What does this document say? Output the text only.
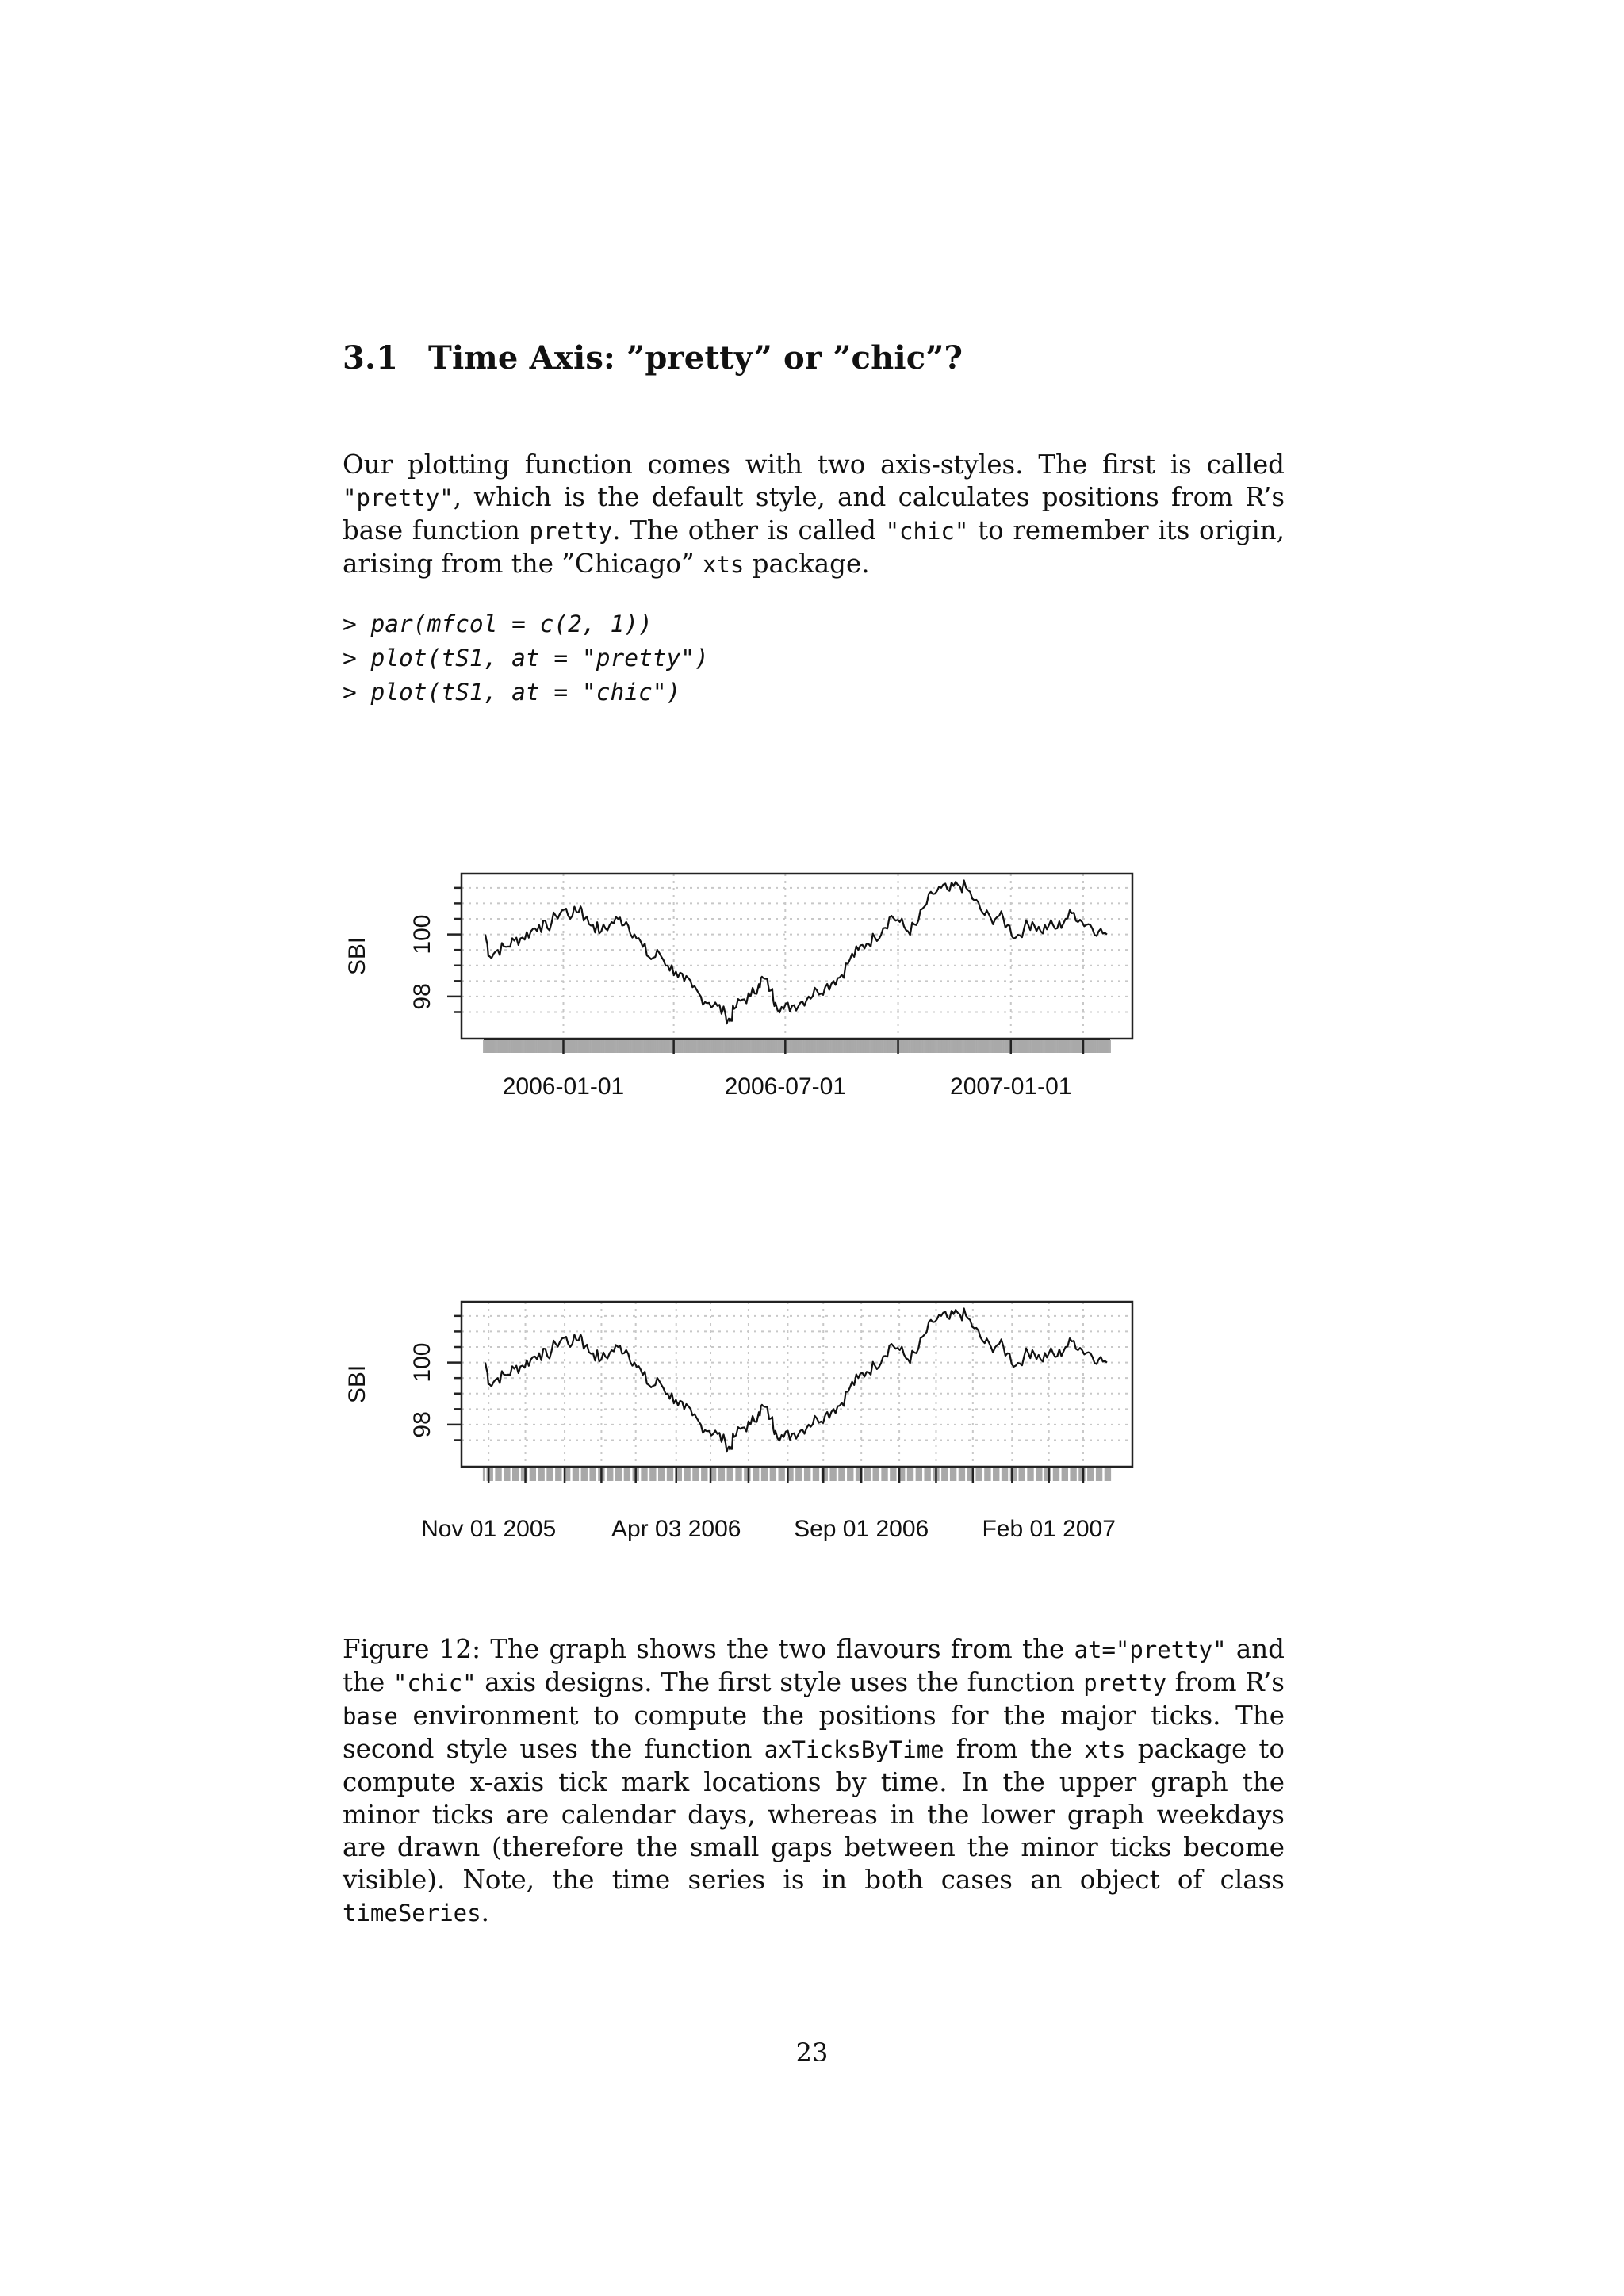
3.1 Time Axis: ”pretty” or ”chic”?

Our plotting function comes with two axis-styles. The first is called "pretty", which is the default style, and calculates positions from R’s base function pretty. The other is called "chic" to remember its origin, arising from the ”Chicago” xts package.

> par(mfcol = c(2, 1))
> plot(tS1, at = "pretty")
> plot(tS1, at = "chic")
98
100
SBI
2006-01-01	2006-07-01	2007-01-01
98
100
SBI
Nov 01 2005 Apr 03 2006 Sep 01 2006 Feb 01 2007

Figure 12: The graph shows the two flavours from the at="pretty" and the "chic" axis designs. The first style uses the function pretty from R’s base environment to compute the positions for the major ticks. The second style uses the function axTicksByTime from the xts package to compute x-axis tick mark locations by time. In the upper graph the minor ticks are calendar days, whereas in the lower graph weekdays are drawn (therefore the small gaps between the minor ticks become visible). Note, the time series is in both cases an object of class timeSeries.

23
